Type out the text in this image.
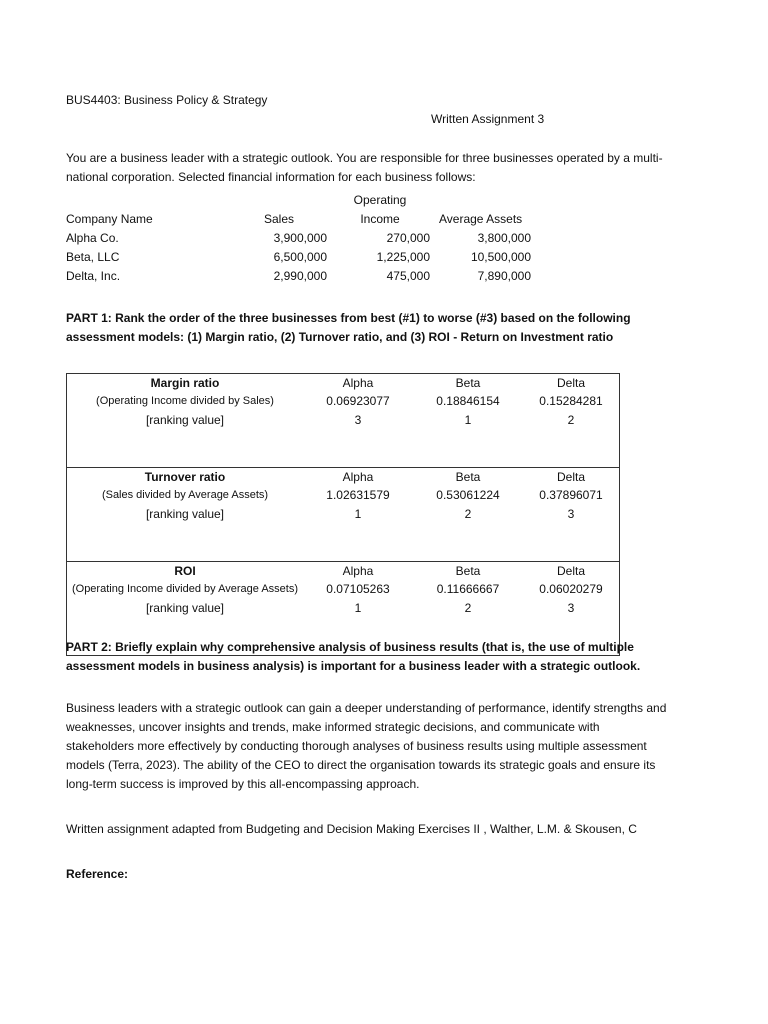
BUS4403: Business Policy & Strategy
Written Assignment 3
You are a business leader with a strategic outlook. You are responsible for three businesses operated by a multi-national corporation. Selected financial information for each business follows:
Operating
Company Name	Sales	Income	Average Assets
Alpha Co.	3,900,000	270,000	3,800,000
Beta, LLC	6,500,000	1,225,000	10,500,000
Delta, Inc.	2,990,000	475,000	7,890,000
PART 1: Rank the order of the three businesses from best (#1) to worse (#3) based on the following assessment models: (1) Margin ratio, (2) Turnover ratio, and (3) ROI - Return on Investment ratio
Margin ratio	Alpha	Beta	Delta
(Operating Income divided by Sales)	0.06923077	0.18846154	0.15284281
[ranking value]	3	1	2
Turnover ratio	Alpha	Beta	Delta
(Sales divided by Average Assets)	1.02631579	0.53061224	0.37896071
[ranking value]	1	2	3
ROI	Alpha	Beta	Delta
(Operating Income divided by Average Assets)	0.07105263	0.11666667	0.06020279
[ranking value]	1	2	3
PART 2: Briefly explain why comprehensive analysis of business results (that is, the use of multiple assessment models in business analysis) is important for a business leader with a strategic outlook.
Business leaders with a strategic outlook can gain a deeper understanding of performance, identify strengths and weaknesses, uncover insights and trends, make informed strategic decisions, and communicate with stakeholders more effectively by conducting thorough analyses of business results using multiple assessment models (Terra, 2023). The ability of the CEO to direct the organisation towards its strategic goals and ensure its long-term success is improved by this all-encompassing approach.
Written assignment adapted from Budgeting and Decision Making Exercises II , Walther, L.M. & Skousen, C
Reference:
